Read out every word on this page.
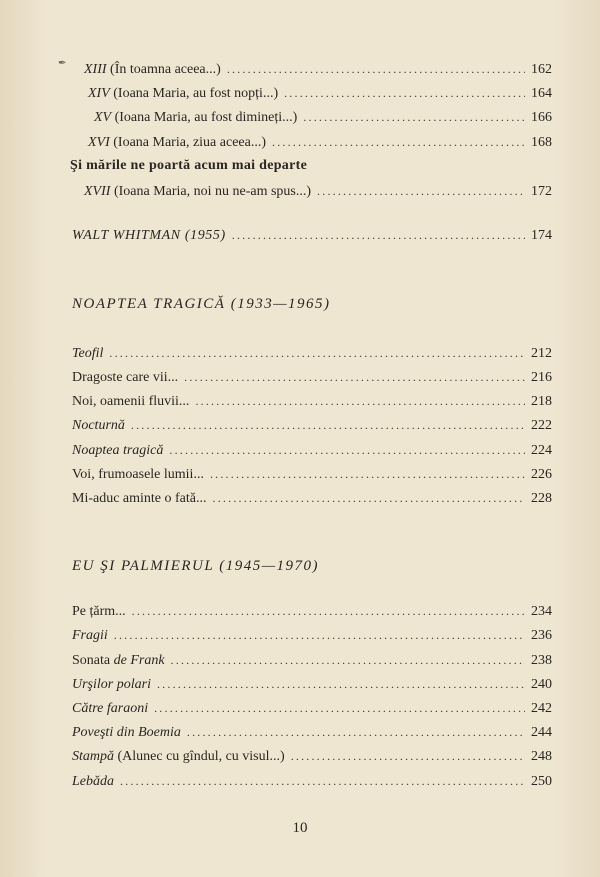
✒ XIII (În toamna aceea...) .....	162
XIV (Ioana Maria, au fost nopți...) .....	164
XV (Ioana Maria, au fost dimineți...) .....	166
XVI (Ioana Maria, ziua aceea...) .....	168
Şi mările ne poartă acum mai departe
XVII (Ioana Maria, noi nu ne-am spus...) .....	172
WALT WHITMAN (1955) .....	174
NOAPTEA TRAGICĂ (1933—1965)
Teofil .....	212
Dragoste care vii... .....	216
Noi, oamenii fluvii... .....	218
Nocturnă .....	222
Noaptea tragică .....	224
Voi, frumoasele lumii... .....	226
Mi-aduc aminte o fată... .....	228
EU ŞI PALMIERUL (1945—1970)
Pe țărm... .....	234
Fragii .....	236
Sonata de Frank .....	238
Urşilor polari .....	240
Către faraoni .....	242
Poveşti din Boemia .....	244
Stampă (Alunec cu gîndul, cu visul...) .....	248
Lebăda .....	250
10
